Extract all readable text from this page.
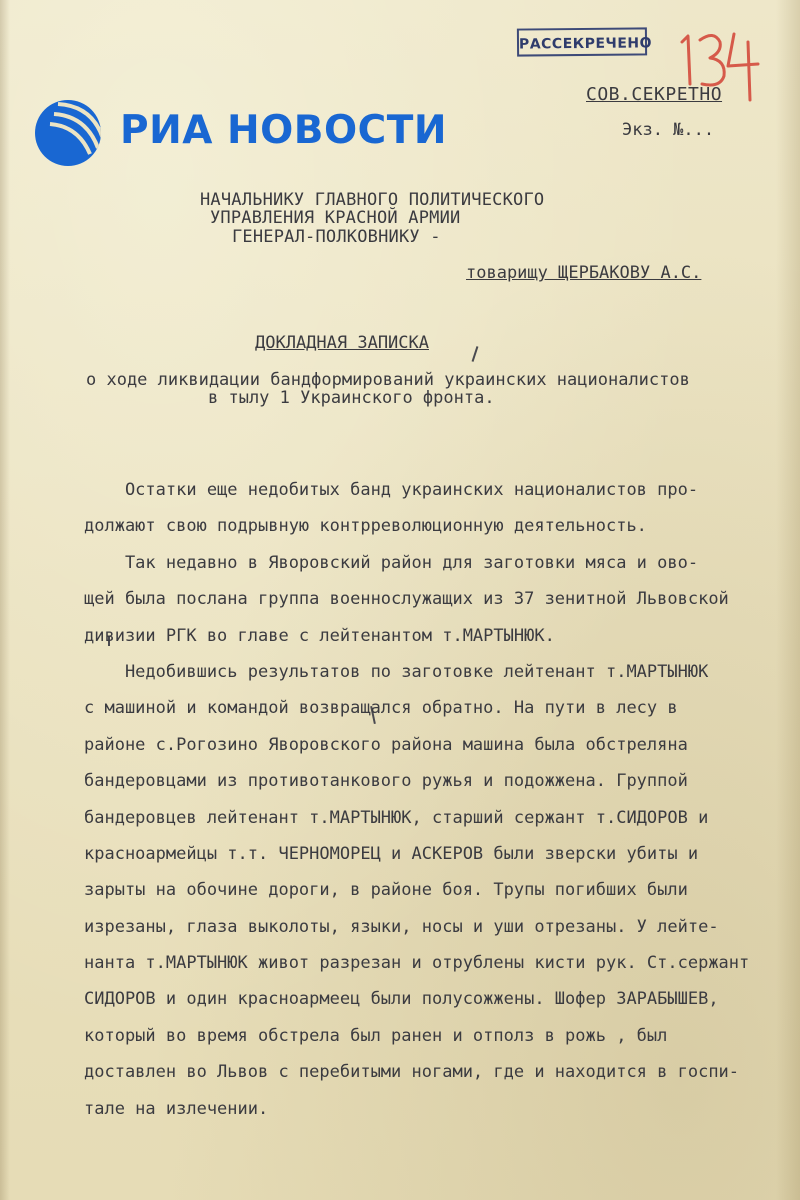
РАССЕКРЕЧЕНО
СОВ.СЕКРЕТНО
Экз. №...
РИА НОВОСТИ
НАЧАЛЬНИКУ ГЛАВНОГО ПОЛИТИЧЕСКОГО
УПРАВЛЕНИЯ КРАСНОЙ АРМИИ
ГЕНЕРАЛ-ПОЛКОВНИКУ -
товарищу ЩЕРБАКОВУ А.С.
ДОКЛАДНАЯ ЗАПИСКА
о ходе ликвидации бандформирований украинских националистов
в тылу 1 Украинского фронта.
Остатки еще недобитых банд украинских националистов про-
должают свою подрывную контрреволюционную деятельность.
Так недавно в Яворовский район для заготовки мяса и ово-
щей была послана группа военнослужащих из 37 зенитной Львовской
дивизии РГК во главе с лейтенантом т.МАРТЫНЮК.
Недобившись результатов по заготовке лейтенант т.МАРТЫНЮК
с машиной и командой возвращался обратно. На пути в лесу в
районе с.Рогозино Яворовского района машина была обстреляна
бандеровцами из противотанкового ружья и подожжена. Группой
бандеровцев лейтенант т.МАРТЫНЮК, старший сержант т.СИДОРОВ и
красноармейцы т.т. ЧЕРНОМОРЕЦ и АСКЕРОВ были зверски убиты и
зарыты на обочине дороги, в районе боя. Трупы погибших были
изрезаны, глаза выколоты, языки, носы и уши отрезаны. У лейте-
нанта т.МАРТЫНЮК живот разрезан и отрублены кисти рук. Ст.сержант
СИДОРОВ и один красноармеец были полусожжены. Шофер ЗАРАБЫШЕВ,
который во время обстрела был ранен и отполз в рожь , был
доставлен во Львов с перебитыми ногами, где и находится в госпи-
тале на излечении.
